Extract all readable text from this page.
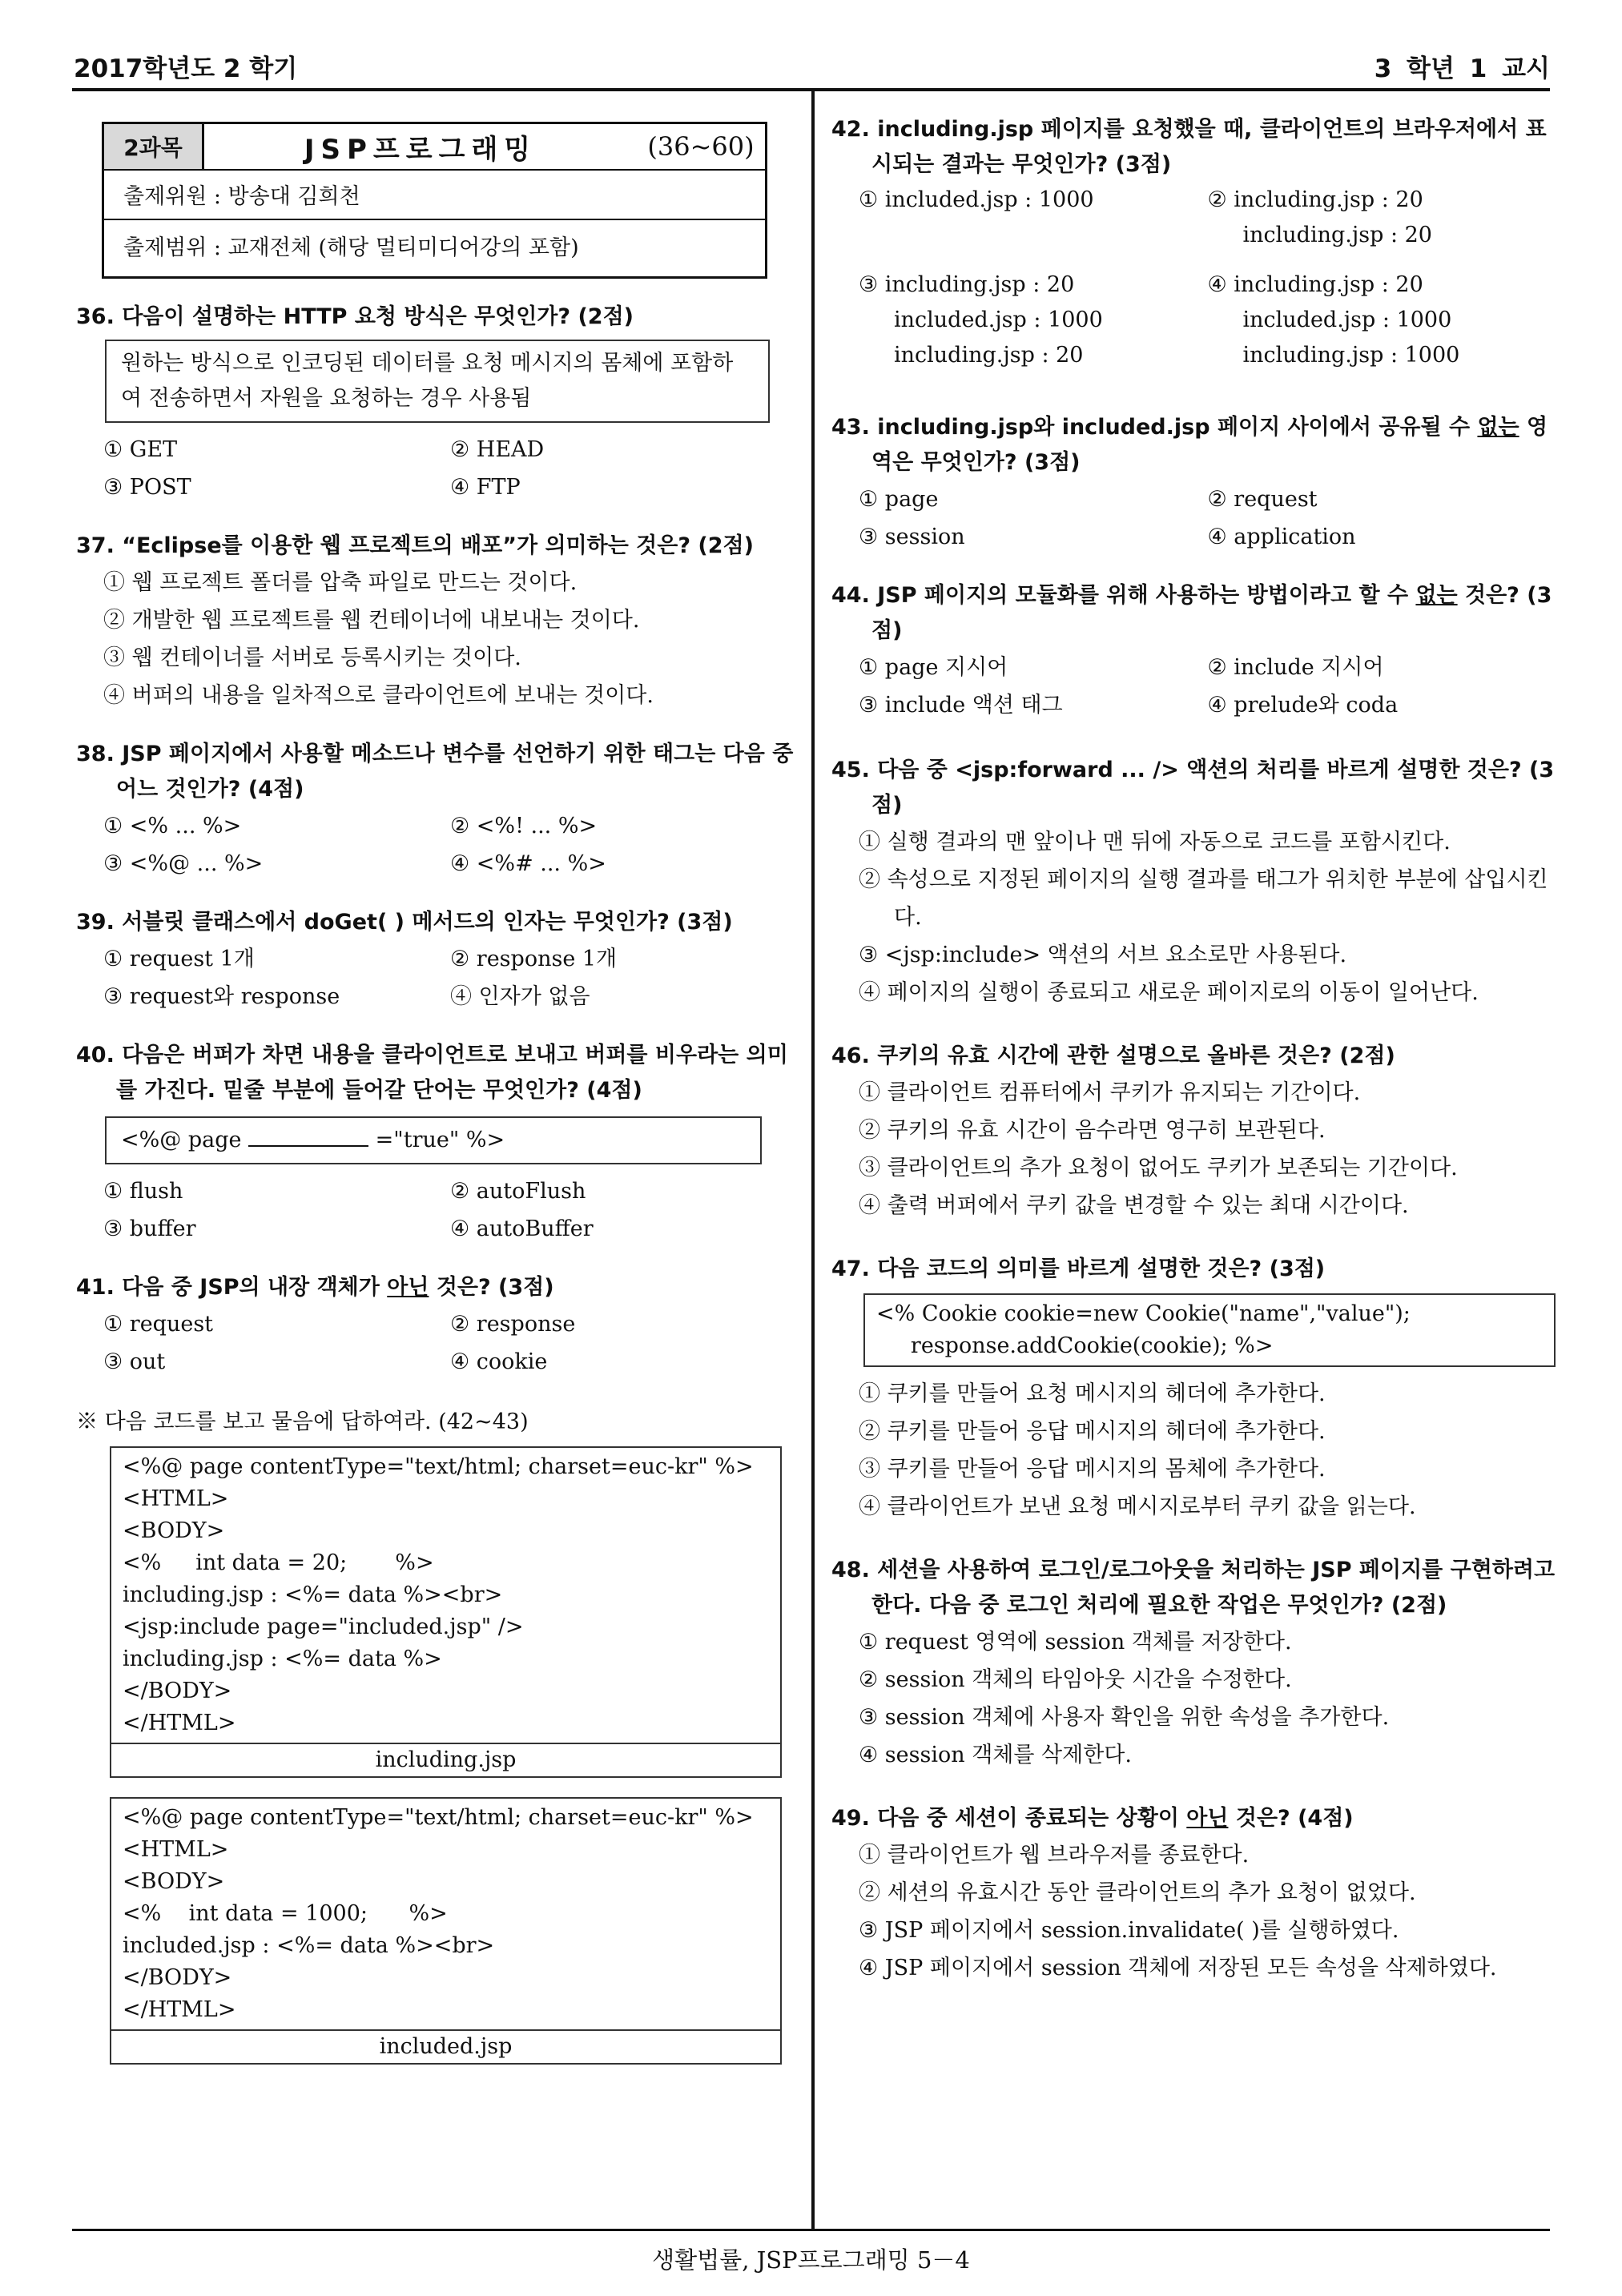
2017학년도 2 학기	3 학년 1 교시
2과목	JSP프로그래밍	(36~60)
출제위원 : 방송대 김희천
출제범위 : 교재전체 (해당 멀티미디어강의 포함)
36. 다음이 설명하는 HTTP 요청 방식은 무엇인가? (2점)
원하는 방식으로 인코딩된 데이터를 요청 메시지의 몸체에 포함하여 전송하면서 자원을 요청하는 경우 사용됨
① GET	② HEAD
③ POST	④ FTP
37. “Eclipse를 이용한 웹 프로젝트의 배포”가 의미하는 것은? (2점)
① 웹 프로젝트 폴더를 압축 파일로 만드는 것이다.
② 개발한 웹 프로젝트를 웹 컨테이너에 내보내는 것이다.
③ 웹 컨테이너를 서버로 등록시키는 것이다.
④ 버퍼의 내용을 일차적으로 클라이언트에 보내는 것이다.
38. JSP 페이지에서 사용할 메소드나 변수를 선언하기 위한 태그는 다음 중 어느 것인가? (4점)
① <% ... %>	② <%! ... %>
③ <%@ ... %>	④ <%# ... %>
39. 서블릿 클래스에서 doGet( ) 메서드의 인자는 무엇인가? (3점)
① request 1개	② response 1개
③ request와 response	④ 인자가 없음
40. 다음은 버퍼가 차면 내용을 클라이언트로 보내고 버퍼를 비우라는 의미를 가진다. 밑줄 부분에 들어갈 단어는 무엇인가? (4점)
<%@ page	="true" %>
① flush	② autoFlush
③ buffer	④ autoBuffer
41. 다음 중 JSP의 내장 객체가 아닌 것은? (3점)
① request	② response
③ out	④ cookie
※ 다음 코드를 보고 물음에 답하여라. (42~43)
<%@ page contentType="text/html; charset=euc-kr" %>
<HTML>
<BODY>
<%     int data = 20;       %>
including.jsp : <%= data %><br>
<jsp:include page="included.jsp" />
including.jsp : <%= data %>
</BODY>
</HTML>
including.jsp
<%@ page contentType="text/html; charset=euc-kr" %>
<HTML>
<BODY>
<%    int data = 1000;      %>
included.jsp : <%= data %><br>
</BODY>
</HTML>
included.jsp
42. including.jsp 페이지를 요청했을 때, 클라이언트의 브라우저에서 표시되는 결과는 무엇인가? (3점)
① included.jsp : 1000	② including.jsp : 20
including.jsp : 20
③ including.jsp : 20
included.jsp : 1000
including.jsp : 20
④ including.jsp : 20
included.jsp : 1000
including.jsp : 1000
43. including.jsp와 included.jsp 페이지 사이에서 공유될 수 없는 영역은 무엇인가? (3점)
① page	② request
③ session	④ application
44. JSP 페이지의 모듈화를 위해 사용하는 방법이라고 할 수 없는 것은? (3점)
① page 지시어	② include 지시어
③ include 액션 태그	④ prelude와 coda
45. 다음 중 <jsp:forward ... /> 액션의 처리를 바르게 설명한 것은? (3점)
① 실행 결과의 맨 앞이나 맨 뒤에 자동으로 코드를 포함시킨다.
② 속성으로 지정된 페이지의 실행 결과를 태그가 위치한 부분에 삽입시킨다.
③ <jsp:include> 액션의 서브 요소로만 사용된다.
④ 페이지의 실행이 종료되고 새로운 페이지로의 이동이 일어난다.
46. 쿠키의 유효 시간에 관한 설명으로 올바른 것은? (2점)
① 클라이언트 컴퓨터에서 쿠키가 유지되는 기간이다.
② 쿠키의 유효 시간이 음수라면 영구히 보관된다.
③ 클라이언트의 추가 요청이 없어도 쿠키가 보존되는 기간이다.
④ 출력 버퍼에서 쿠키 값을 변경할 수 있는 최대 시간이다.
47. 다음 코드의 의미를 바르게 설명한 것은? (3점)
<% Cookie cookie=new Cookie("name","value");
response.addCookie(cookie); %>
① 쿠키를 만들어 요청 메시지의 헤더에 추가한다.
② 쿠키를 만들어 응답 메시지의 헤더에 추가한다.
③ 쿠키를 만들어 응답 메시지의 몸체에 추가한다.
④ 클라이언트가 보낸 요청 메시지로부터 쿠키 값을 읽는다.
48. 세션을 사용하여 로그인/로그아웃을 처리하는 JSP 페이지를 구현하려고 한다. 다음 중 로그인 처리에 필요한 작업은 무엇인가? (2점)
① request 영역에 session 객체를 저장한다.
② session 객체의 타임아웃 시간을 수정한다.
③ session 객체에 사용자 확인을 위한 속성을 추가한다.
④ session 객체를 삭제한다.
49. 다음 중 세션이 종료되는 상황이 아닌 것은? (4점)
① 클라이언트가 웹 브라우저를 종료한다.
② 세션의 유효시간 동안 클라이언트의 추가 요청이 없었다.
③ JSP 페이지에서 session.invalidate( )를 실행하였다.
④ JSP 페이지에서 session 객체에 저장된 모든 속성을 삭제하였다.
생활법률, JSP프로그래밍 5－4
